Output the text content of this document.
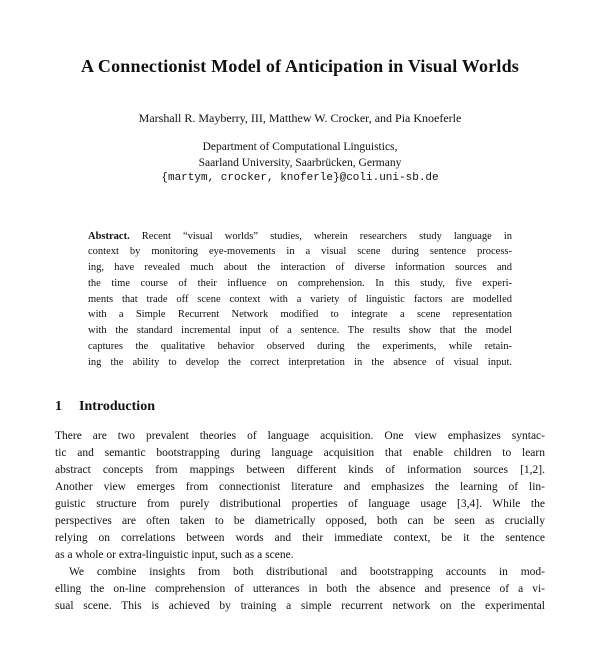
A Connectionist Model of Anticipation in Visual Worlds
Marshall R. Mayberry, III, Matthew W. Crocker, and Pia Knoeferle
Department of Computational Linguistics,
Saarland University, Saarbrücken, Germany
{martym, crocker, knoferle}@coli.uni-sb.de
Abstract. Recent “visual worlds” studies, wherein researchers study language in
context by monitoring eye-movements in a visual scene during sentence process-
ing, have revealed much about the interaction of diverse information sources and
the time course of their influence on comprehension. In this study, five experi-
ments that trade off scene context with a variety of linguistic factors are modelled
with a Simple Recurrent Network modified to integrate a scene representation
with the standard incremental input of a sentence. The results show that the model
captures the qualitative behavior observed during the experiments, while retain-
ing the ability to develop the correct interpretation in the absence of visual input.
1 Introduction
There are two prevalent theories of language acquisition. One view emphasizes syntac-
tic and semantic bootstrapping during language acquisition that enable children to learn
abstract concepts from mappings between different kinds of information sources [1,2].
Another view emerges from connectionist literature and emphasizes the learning of lin-
guistic structure from purely distributional properties of language usage [3,4]. While the
perspectives are often taken to be diametrically opposed, both can be seen as crucially
relying on correlations between words and their immediate context, be it the sentence
as a whole or extra-linguistic input, such as a scene.
We combine insights from both distributional and bootstrapping accounts in mod-
elling the on-line comprehension of utterances in both the absence and presence of a vi-
sual scene. This is achieved by training a simple recurrent network on the experimental
